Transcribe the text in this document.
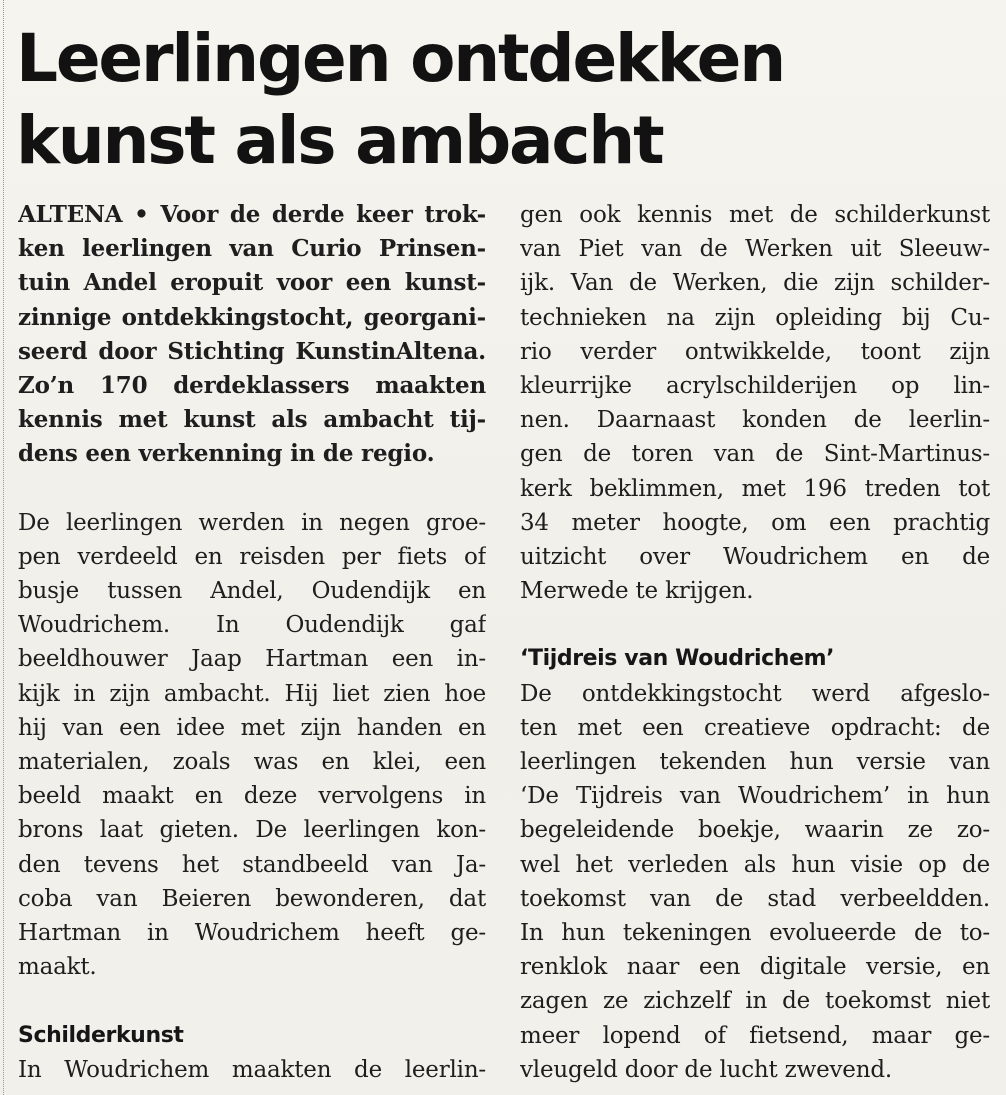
Leerlingen ontdekken
kunst als ambacht
ALTENA • Voor de derde keer trok-
ken leerlingen van Curio Prinsen-
tuin Andel eropuit voor een kunst-
zinnige ontdekkingstocht, georgani-
seerd door Stichting KunstinAltena.
Zo’n 170 derdeklassers maakten
kennis met kunst als ambacht tij-
dens een verkenning in de regio.
De leerlingen werden in negen groe-
pen verdeeld en reisden per fiets of
busje tussen Andel, Oudendijk en
Woudrichem. In Oudendijk gaf
beeldhouwer Jaap Hartman een in-
kijk in zijn ambacht. Hij liet zien hoe
hij van een idee met zijn handen en
materialen, zoals was en klei, een
beeld maakt en deze vervolgens in
brons laat gieten. De leerlingen kon-
den tevens het standbeeld van Ja-
coba van Beieren bewonderen, dat
Hartman in Woudrichem heeft ge-
maakt.
Schilderkunst
In Woudrichem maakten de leerlin-
gen ook kennis met de schilderkunst
van Piet van de Werken uit Sleeuw-
ijk. Van de Werken, die zijn schilder-
technieken na zijn opleiding bij Cu-
rio verder ontwikkelde, toont zijn
kleurrijke acrylschilderijen op lin-
nen. Daarnaast konden de leerlin-
gen de toren van de Sint-Martinus-
kerk beklimmen, met 196 treden tot
34 meter hoogte, om een prachtig
uitzicht over Woudrichem en de
Merwede te krijgen.
‘Tijdreis van Woudrichem’
De ontdekkingstocht werd afgeslo-
ten met een creatieve opdracht: de
leerlingen tekenden hun versie van
‘De Tijdreis van Woudrichem’ in hun
begeleidende boekje, waarin ze zo-
wel het verleden als hun visie op de
toekomst van de stad verbeeldden.
In hun tekeningen evolueerde de to-
renklok naar een digitale versie, en
zagen ze zichzelf in de toekomst niet
meer lopend of fietsend, maar ge-
vleugeld door de lucht zwevend.
